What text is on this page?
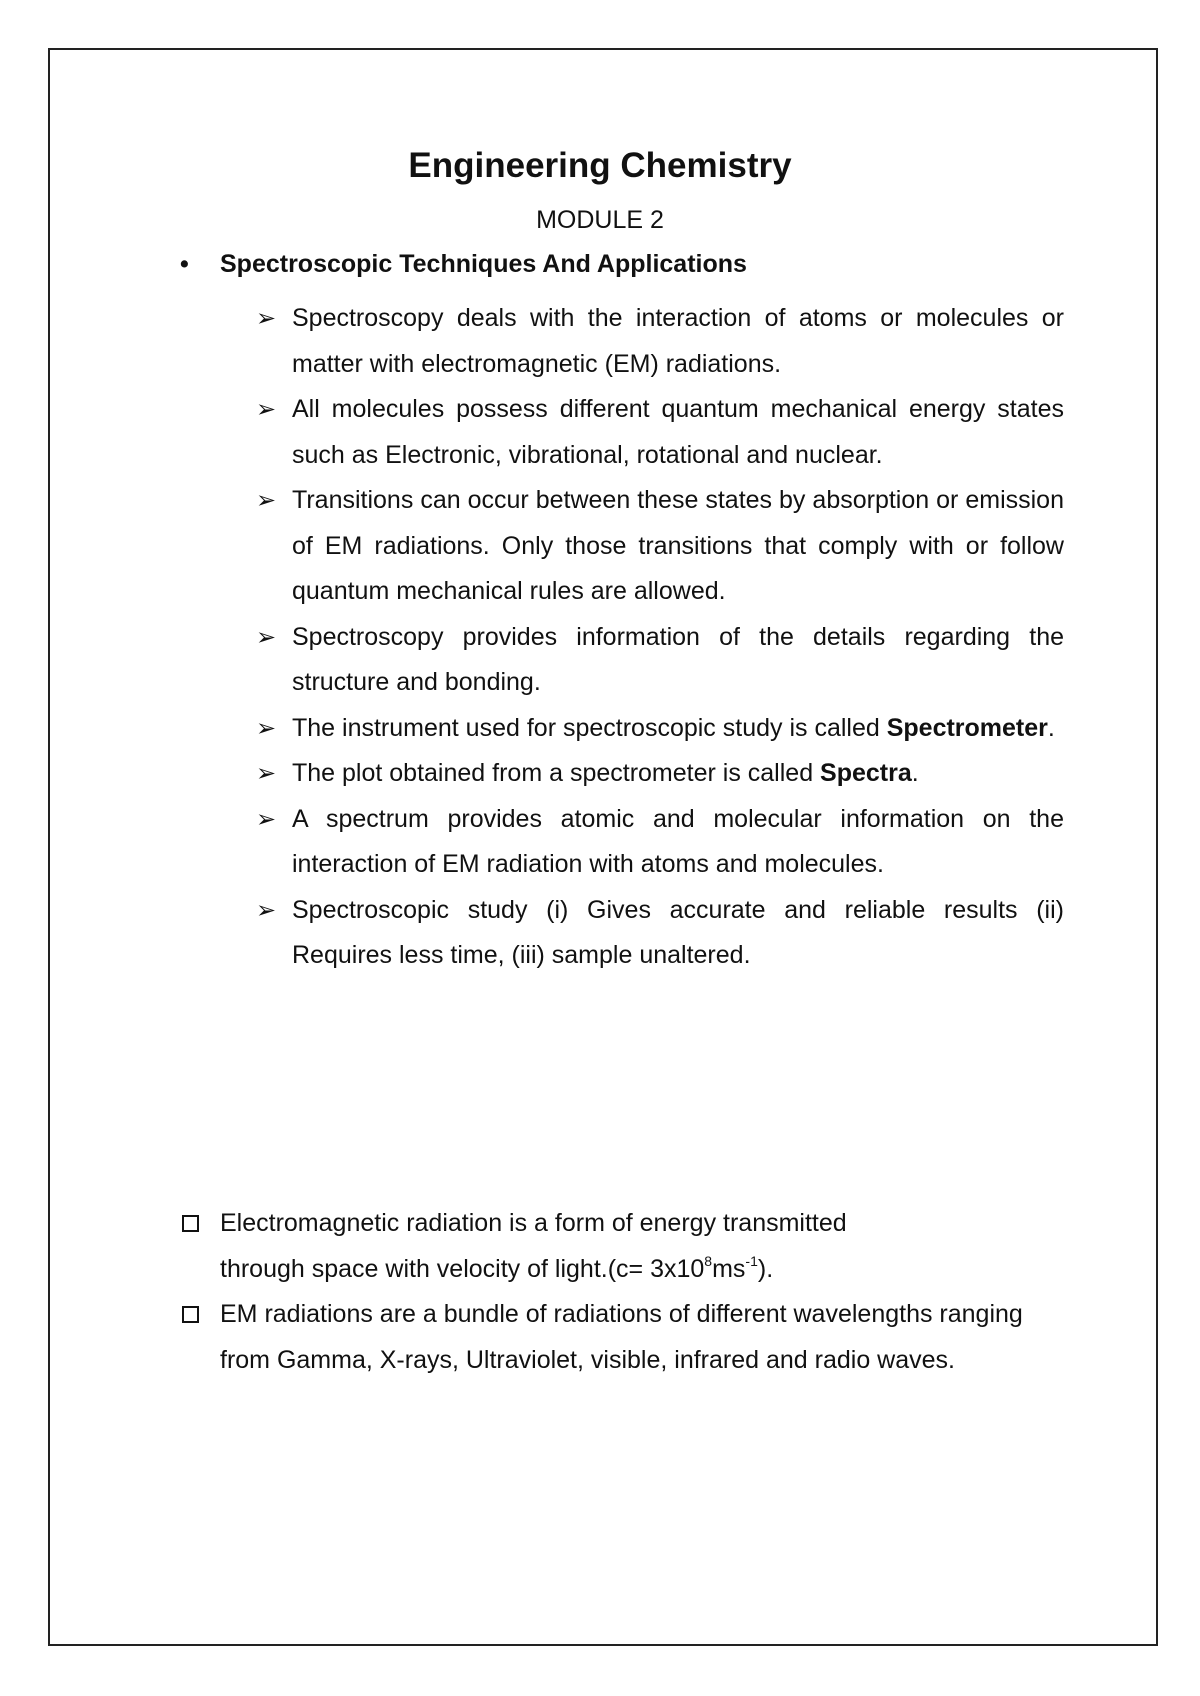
Engineering Chemistry
MODULE 2
• Spectroscopic Techniques And Applications
➢ Spectroscopy deals with the interaction of atoms or molecules or matter with electromagnetic (EM) radiations.
➢ All molecules possess different quantum mechanical energy states such as Electronic, vibrational, rotational and nuclear.
➢ Transitions can occur between these states by absorption or emission of EM radiations. Only those transitions that comply with or follow quantum mechanical rules are allowed.
➢ Spectroscopy provides information of the details regarding the structure and bonding.
➢ The instrument used for spectroscopic study is called Spectrometer.
➢ The plot obtained from a spectrometer is called Spectra.
➢ A spectrum provides atomic and molecular information on the interaction of EM radiation with atoms and molecules.
➢ Spectroscopic study (i) Gives accurate and reliable results (ii) Requires less time, (iii) sample unaltered.
Electromagnetic radiation is a form of energy transmitted
through space with velocity of light.(c= $3x10^8ms^{-1}$).
EM radiations are a bundle of radiations of different wavelengths ranging from Gamma, X-rays, Ultraviolet, visible, infrared and radio waves.
